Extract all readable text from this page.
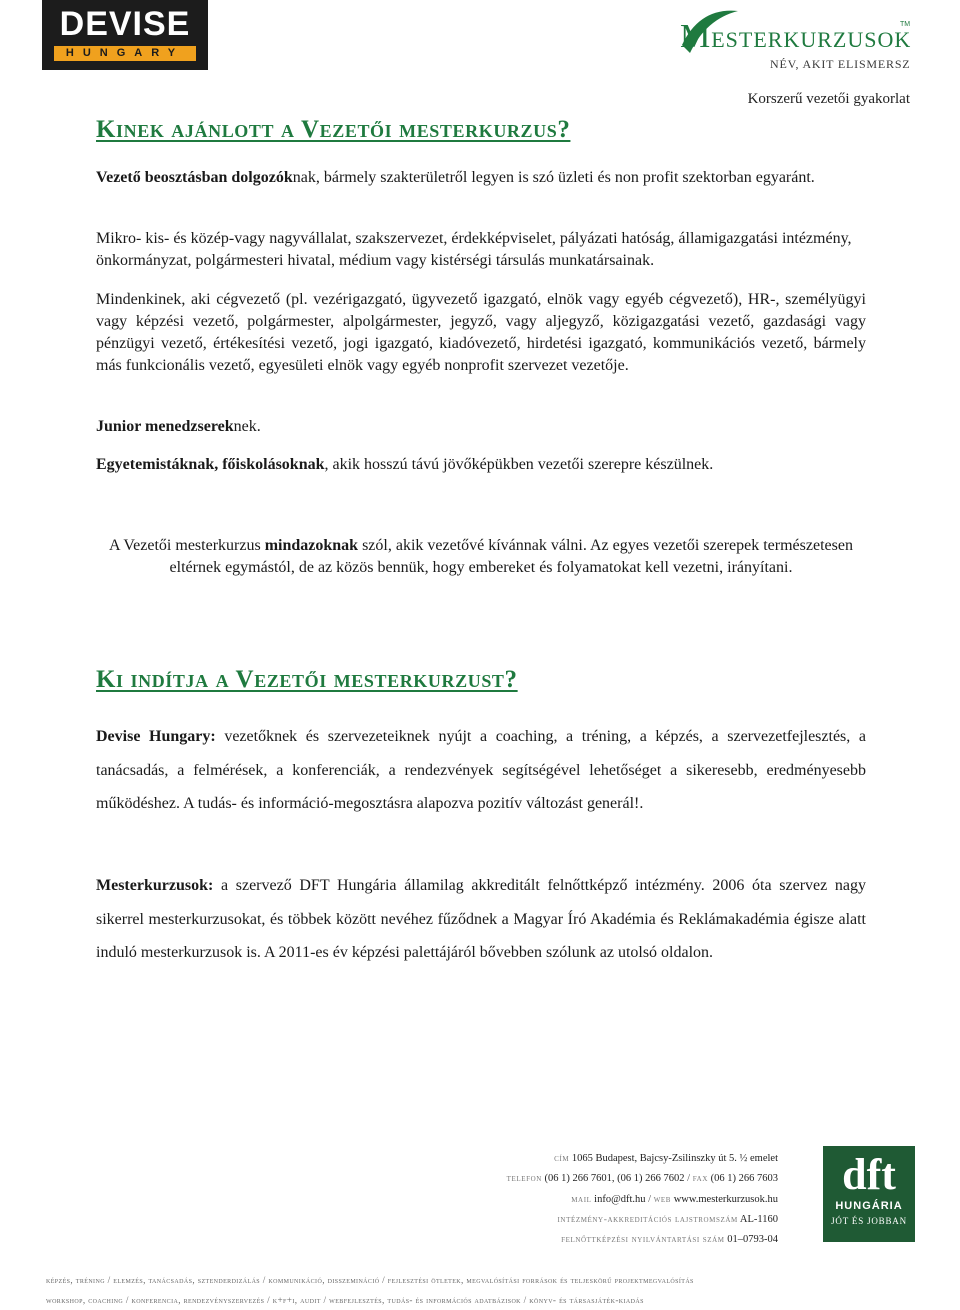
DEVISE
HUNGARY	MESTERKURZUSOK
TM
NÉV, AKIT ELISMERSZ
Korszerű vezetői gyakorlat
Kinek ajánlott a Vezetői mesterkurzus?

Vezető beosztásban dolgozóknak, bármely szakterületről legyen is szó üzleti és non profit szektorban egyaránt.

Mikro- kis- és közép-vagy nagyvállalat, szakszervezet, érdekképviselet, pályázati hatóság, államigazgatási intézmény, önkormányzat, polgármesteri hivatal, médium vagy kistérségi társulás munkatársainak.

Mindenkinek, aki cégvezető (pl. vezérigazgató, ügyvezető igazgató, elnök vagy egyéb cégvezető), HR-, személyügyi vagy képzési vezető, polgármester, alpolgármester, jegyző, vagy aljegyző, közigazgatási vezető, gazdasági vagy pénzügyi vezető, értékesítési vezető, jogi igazgató, kiadóvezető, hirdetési igazgató, kommunikációs vezető, bármely más funkcionális vezető, egyesületi elnök vagy egyéb nonprofit szervezet vezetője.

Junior menedzsereknek.

Egyetemistáknak, főiskolásoknak, akik hosszú távú jövőképükben vezetői szerepre készülnek.

A Vezetői mesterkurzus mindazoknak szól, akik vezetővé kívánnak válni. Az egyes vezetői szerepek természetesen eltérnek egymástól, de az közös bennük, hogy embereket és folyamatokat kell vezetni, irányítani.

Ki indítja a Vezetői mesterkurzust?

Devise Hungary: vezetőknek és szervezeteiknek nyújt a coaching, a tréning, a képzés, a szervezetfejlesztés, a tanácsadás, a felmérések, a konferenciák, a rendezvények segítségével lehetőséget a sikeresebb, eredményesebb működéshez. A tudás- és információ-megosztásra alapozva pozitív változást generál!.

Mesterkurzusok: a szervező DFT Hungária államilag akkreditált felnőttképző intézmény. 2006 óta szervez nagy sikerrel mesterkurzusokat, és többek között nevéhez fűződnek a Magyar Író Akadémia és Reklámakadémia égisze alatt induló mesterkurzusok is. A 2011-es év képzési palettájáról bővebben szólunk az utolsó oldalon.

cím 1065 Budapest, Bajcsy-Zsilinszky út 5. ½ emelet
telefon (06 1) 266 7601, (06 1) 266 7602 / fax (06 1) 266 7603
mail info@dft.hu / web www.mesterkurzusok.hu
intézmény-akkreditációs lajstromszám AL-1160
felnőttképzési nyilvántartási szám 01–0793-04
dft
HUNGÁRIA
JÓT ÉS JOBBAN
képzés, tréning / elemzés, tanácsadás, sztenderdizálás / kommunikáció, disszemináció / fejlesztési ötletek, megvalósítási források és teljeskörű projektmegvalósítás
workshop, coaching / konferencia, rendezvényszervezés / k+f+i, audit / webfejlesztés, tudás- és információs adatbázisok / könyv- és társasjáték-kiadás
